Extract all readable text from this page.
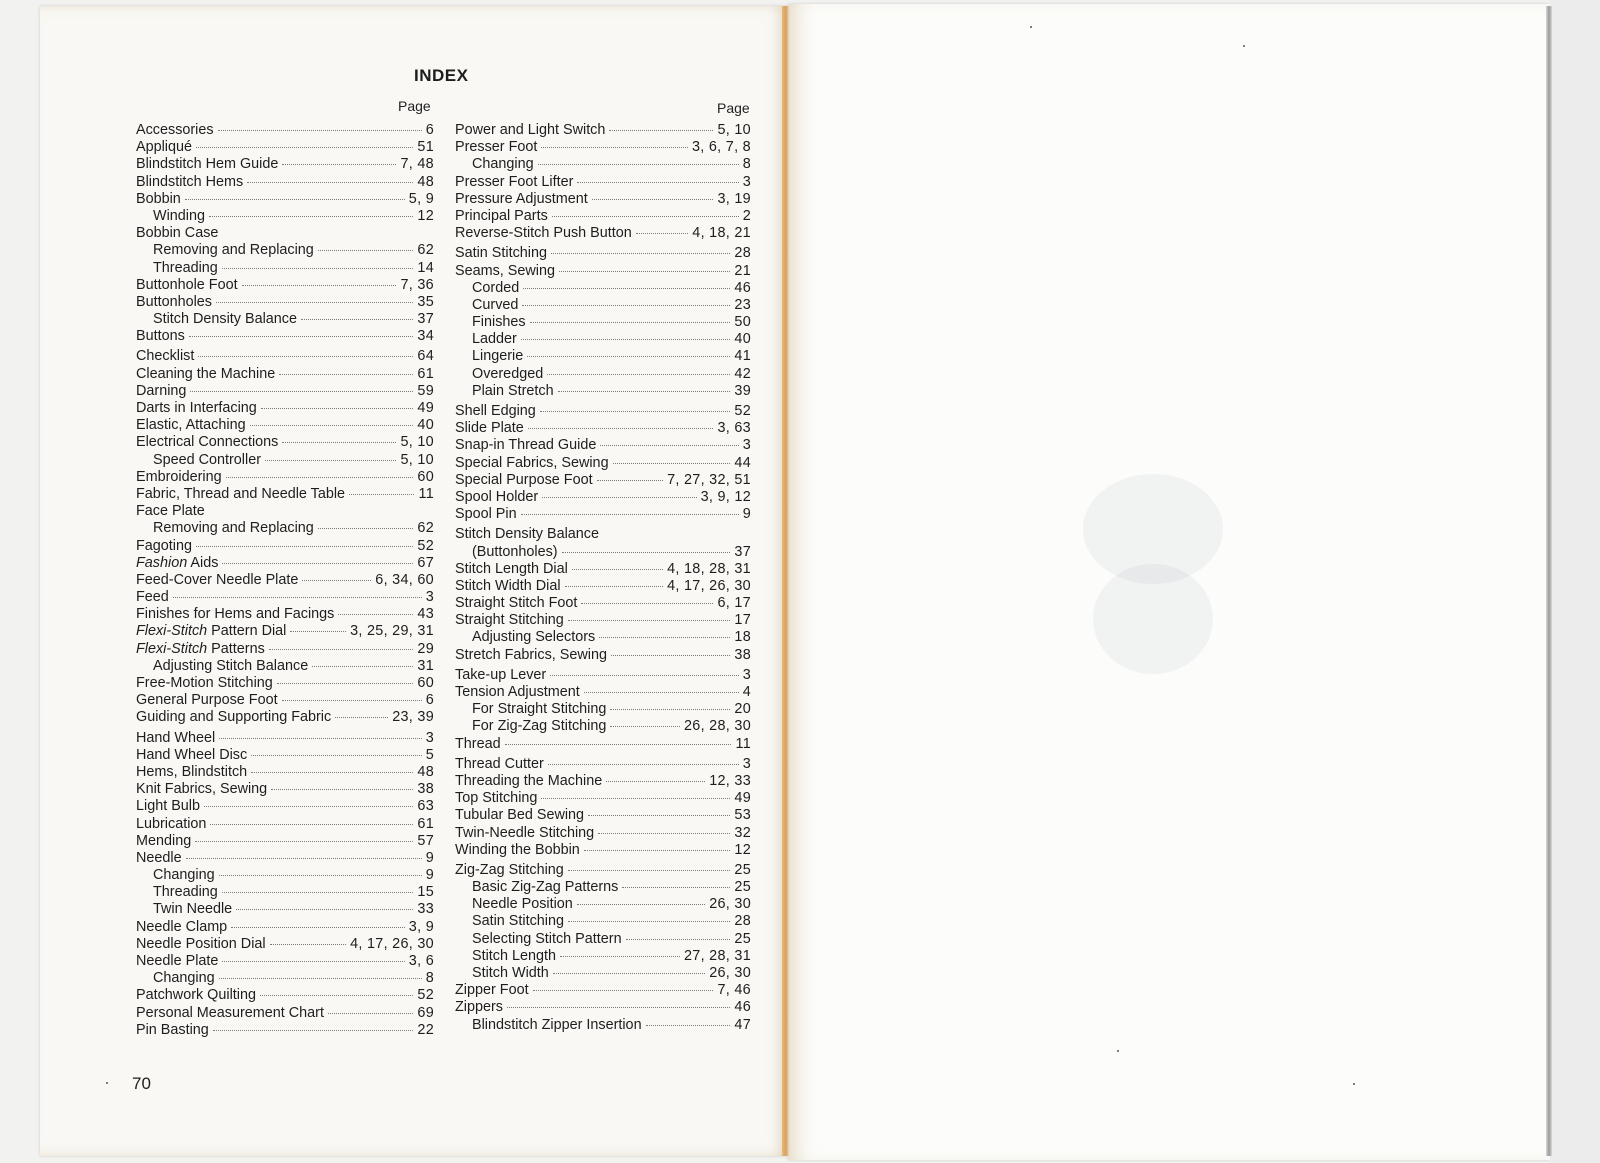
INDEX
Page	Page
Accessories	6
Appliqué	51
Blindstitch Hem Guide	7, 48
Blindstitch Hems	48
Bobbin	5, 9
Winding	12
Bobbin Case
Removing and Replacing	62
Threading	14
Buttonhole Foot	7, 36
Buttonholes	35
Stitch Density Balance	37
Buttons	34
Checklist	64
Cleaning the Machine	61
Darning	59
Darts in Interfacing	49
Elastic, Attaching	40
Electrical Connections	5, 10
Speed Controller	5, 10
Embroidering	60
Fabric, Thread and Needle Table	11
Face Plate
Removing and Replacing	62
Fagoting	52
Fashion Aids	67
Feed-Cover Needle Plate	6, 34, 60
Feed	3
Finishes for Hems and Facings	43
Flexi-Stitch Pattern Dial	3, 25, 29, 31
Flexi-Stitch Patterns	29
Adjusting Stitch Balance	31
Free-Motion Stitching	60
General Purpose Foot	6
Guiding and Supporting Fabric	23, 39
Hand Wheel	3
Hand Wheel Disc	5
Hems, Blindstitch	48
Knit Fabrics, Sewing	38
Light Bulb	63
Lubrication	61
Mending	57
Needle	9
Changing	9
Threading	15
Twin Needle	33
Needle Clamp	3, 9
Needle Position Dial	4, 17, 26, 30
Needle Plate	3, 6
Changing	8
Patchwork Quilting	52
Personal Measurement Chart	69
Pin Basting	22
Power and Light Switch	5, 10
Presser Foot	3, 6, 7, 8
Changing	8
Presser Foot Lifter	3
Pressure Adjustment	3, 19
Principal Parts	2
Reverse-Stitch Push Button	4, 18, 21
Satin Stitching	28
Seams, Sewing	21
Corded	46
Curved	23
Finishes	50
Ladder	40
Lingerie	41
Overedged	42
Plain Stretch	39
Shell Edging	52
Slide Plate	3, 63
Snap-in Thread Guide	3
Special Fabrics, Sewing	44
Special Purpose Foot	7, 27, 32, 51
Spool Holder	3, 9, 12
Spool Pin	9
Stitch Density Balance
(Buttonholes)	37
Stitch Length Dial	4, 18, 28, 31
Stitch Width Dial	4, 17, 26, 30
Straight Stitch Foot	6, 17
Straight Stitching	17
Adjusting Selectors	18
Stretch Fabrics, Sewing	38
Take-up Lever	3
Tension Adjustment	4
For Straight Stitching	20
For Zig-Zag Stitching	26, 28, 30
Thread	11
Thread Cutter	3
Threading the Machine	12, 33
Top Stitching	49
Tubular Bed Sewing	53
Twin-Needle Stitching	32
Winding the Bobbin	12
Zig-Zag Stitching	25
Basic Zig-Zag Patterns	25
Needle Position	26, 30
Satin Stitching	28
Selecting Stitch Pattern	25
Stitch Length	27, 28, 31
Stitch Width	26, 30
Zipper Foot	7, 46
Zippers	46
Blindstitch Zipper Insertion	47
70
